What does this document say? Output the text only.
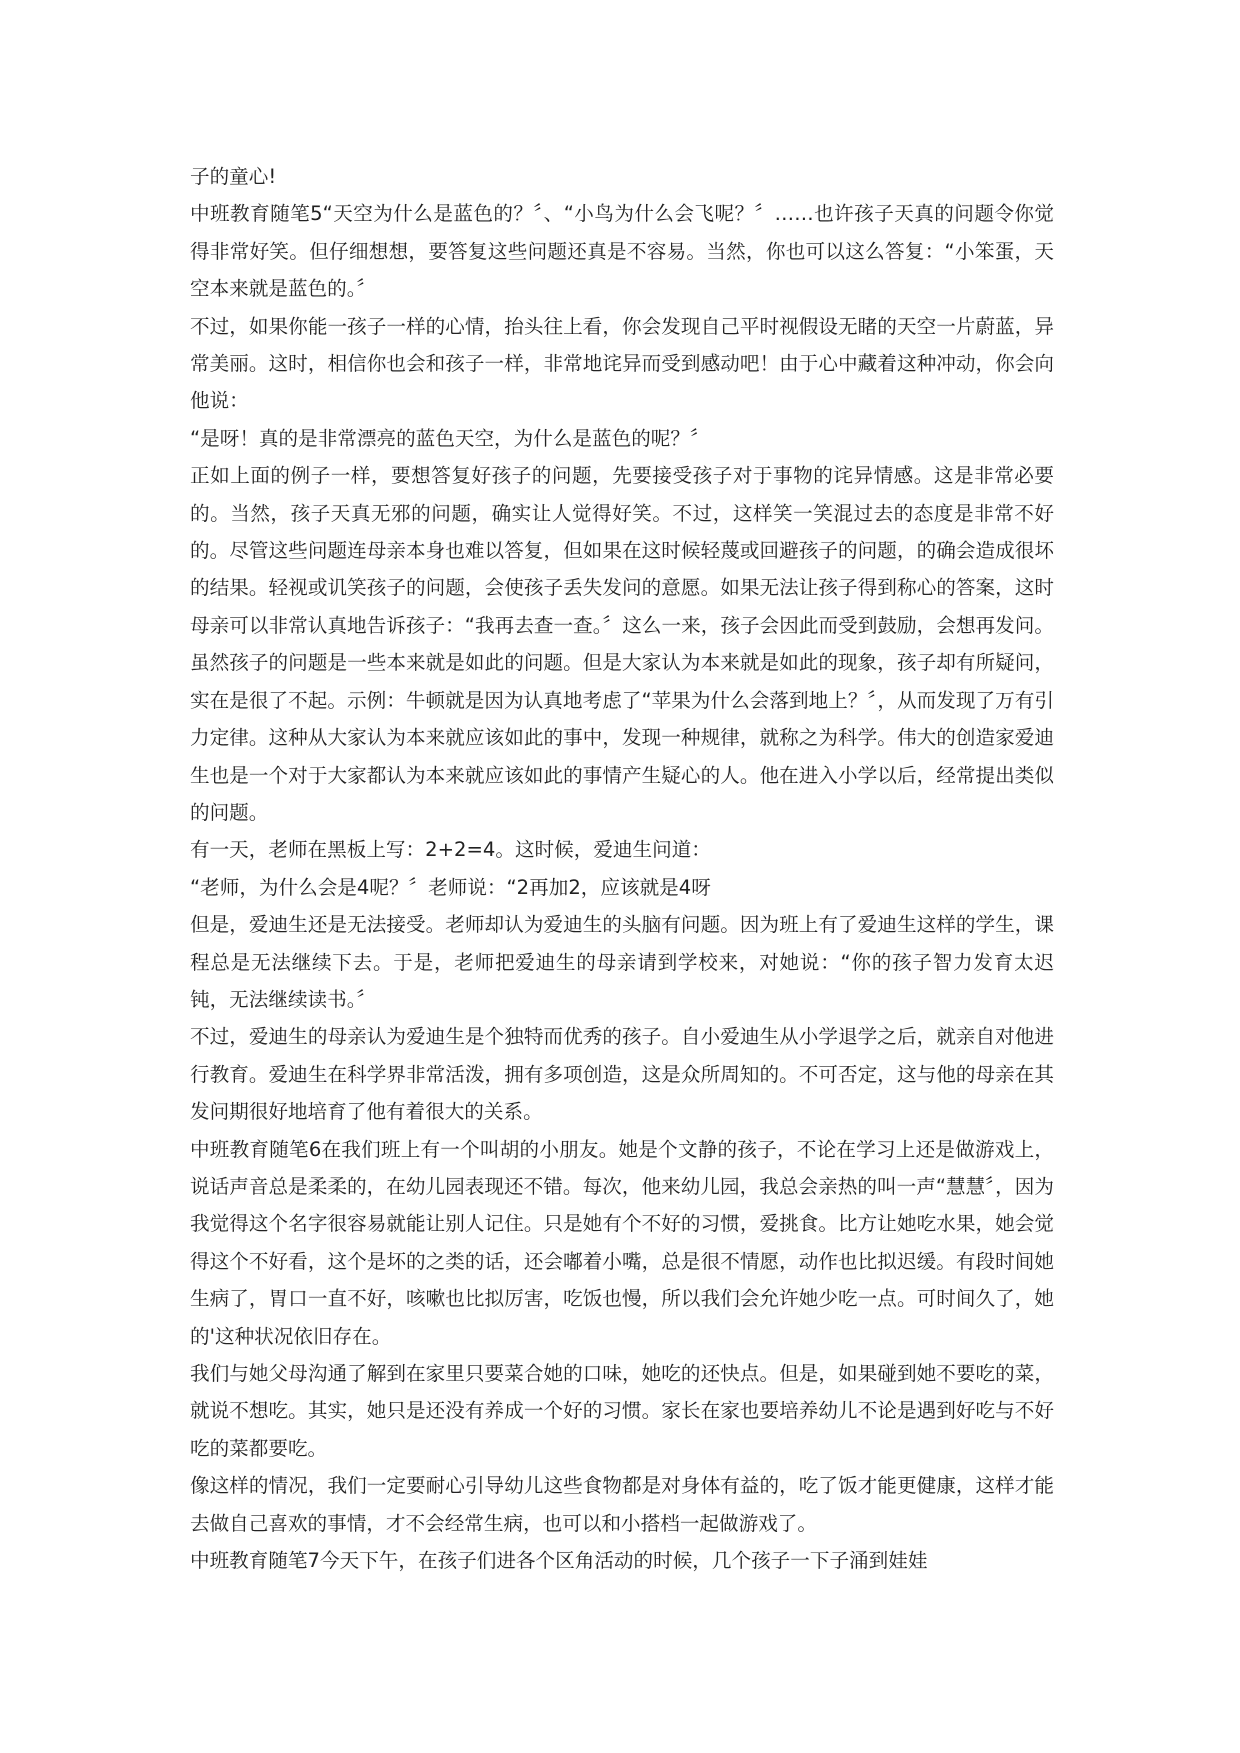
子的童心!

中班教育随笔5“天空为什么是蓝色的？〞、“小鸟为什么会飞呢？〞……也许孩子天真的问题令你觉得非常好笑。但仔细想想，要答复这些问题还真是不容易。当然，你也可以这么答复：“小笨蛋，天空本来就是蓝色的。〞

不过，如果你能一孩子一样的心情，抬头往上看，你会发现自己平时视假设无睹的天空一片蔚蓝，异常美丽。这时，相信你也会和孩子一样，非常地诧异而受到感动吧！由于心中藏着这种冲动，你会向他说：

“是呀！真的是非常漂亮的蓝色天空，为什么是蓝色的呢？〞

正如上面的例子一样，要想答复好孩子的问题，先要接受孩子对于事物的诧异情感。这是非常必要的。当然，孩子天真无邪的问题，确实让人觉得好笑。不过，这样笑一笑混过去的态度是非常不好的。尽管这些问题连母亲本身也难以答复，但如果在这时候轻蔑或回避孩子的问题，的确会造成很坏的结果。轻视或讥笑孩子的问题，会使孩子丢失发问的意愿。如果无法让孩子得到称心的答案，这时母亲可以非常认真地告诉孩子：“我再去查一查。〞这么一来，孩子会因此而受到鼓励，会想再发问。虽然孩子的问题是一些本来就是如此的问题。但是大家认为本来就是如此的现象，孩子却有所疑问，实在是很了不起。示例：牛顿就是因为认真地考虑了“苹果为什么会落到地上？〞，从而发现了万有引力定律。这种从大家认为本来就应该如此的事中，发现一种规律，就称之为科学。伟大的创造家爱迪生也是一个对于大家都认为本来就应该如此的事情产生疑心的人。他在进入小学以后，经常提出类似的问题。

有一天，老师在黑板上写：2+2=4。这时候，爱迪生问道：

“老师，为什么会是4呢？〞老师说：“2再加2，应该就是4呀

但是，爱迪生还是无法接受。老师却认为爱迪生的头脑有问题。因为班上有了爱迪生这样的学生，课程总是无法继续下去。于是，老师把爱迪生的母亲请到学校来，对她说：“你的孩子智力发育太迟钝，无法继续读书。〞

不过，爱迪生的母亲认为爱迪生是个独特而优秀的孩子。自小爱迪生从小学退学之后，就亲自对他进行教育。爱迪生在科学界非常活泼，拥有多项创造，这是众所周知的。不可否定，这与他的母亲在其发问期很好地培育了他有着很大的关系。

中班教育随笔6在我们班上有一个叫胡的小朋友。她是个文静的孩子，不论在学习上还是做游戏上，说话声音总是柔柔的，在幼儿园表现还不错。每次，他来幼儿园，我总会亲热的叫一声“慧慧〞，因为我觉得这个名字很容易就能让别人记住。只是她有个不好的习惯，爱挑食。比方让她吃水果，她会觉得这个不好看，这个是坏的之类的话，还会嘟着小嘴，总是很不情愿，动作也比拟迟缓。有段时间她生病了，胃口一直不好，咳嗽也比拟厉害，吃饭也慢，所以我们会允许她少吃一点。可时间久了，她的'这种状况依旧存在。

我们与她父母沟通了解到在家里只要菜合她的口味，她吃的还快点。但是，如果碰到她不要吃的菜，就说不想吃。其实，她只是还没有养成一个好的习惯。家长在家也要培养幼儿不论是遇到好吃与不好吃的菜都要吃。

像这样的情况，我们一定要耐心引导幼儿这些食物都是对身体有益的，吃了饭才能更健康，这样才能去做自己喜欢的事情，才不会经常生病，也可以和小搭档一起做游戏了。

中班教育随笔7今天下午，在孩子们进各个区角活动的时候，几个孩子一下子涌到娃娃
